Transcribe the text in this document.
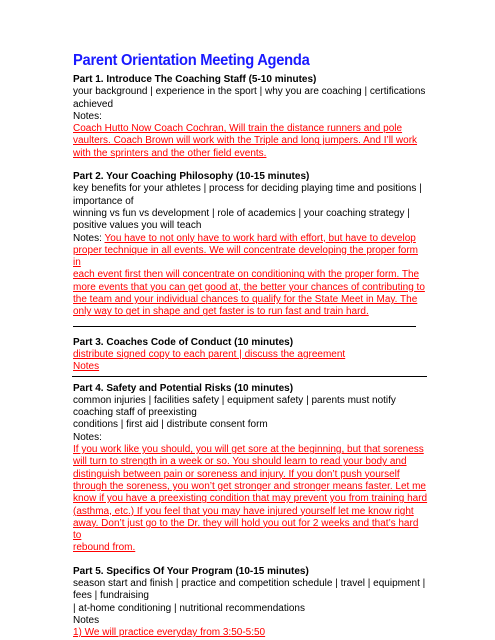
Parent Orientation Meeting Agenda

Part 1. Introduce The Coaching Staff (5-10 minutes)

your background | experience in the sport | why you are coaching | certifications

achieved

Notes:

Coach Hutto Now Coach Cochran, Will train the distance runners and pole

vaulters. Coach Brown will work with the Triple and long jumpers. And I’ll work

with the sprinters and the other field events.

Part 2. Your Coaching Philosophy (10-15 minutes)

key benefits for your athletes | process for deciding playing time and positions |

importance of

winning vs fun vs development | role of academics | your coaching strategy |

positive values you will teach

Notes: You have to not only have to work hard with effort, but have to develop

proper technique in all events. We will concentrate developing the proper form in

each event first then will concentrate on conditioning with the proper form. The

more events that you can get good at, the better your chances of contributing to

the team and your individual chances to qualify for the State Meet in May. The

only way to get in shape and get faster is to run fast and train hard.

Part 3. Coaches Code of Conduct (10 minutes)

distribute signed copy to each parent | discuss the agreement

Notes

Part 4. Safety and Potential Risks (10 minutes)

common injuries | facilities safety | equipment safety | parents must notify

coaching staff of preexisting

conditions | first aid | distribute consent form

Notes:

If you work like you should, you will get sore at the beginning, but that soreness

will turn to strength in a week or so. You should learn to read your body and

distinguish between pain or soreness and injury. If you don’t push yourself

through the soreness, you won’t get stronger and stronger means faster. Let me

know if you have a preexisting condition that may prevent you from training hard

(asthma, etc.) If you feel that you may have injured yourself let me know right

away. Don’t just go to the Dr. they will hold you out for 2 weeks and that’s hard to

rebound from.

Part 5. Specifics Of Your Program (10-15 minutes)

season start and finish | practice and competition schedule | travel | equipment |

fees | fundraising

| at-home conditioning | nutritional recommendations

Notes

1) We will practice everyday from 3:50-5:50
